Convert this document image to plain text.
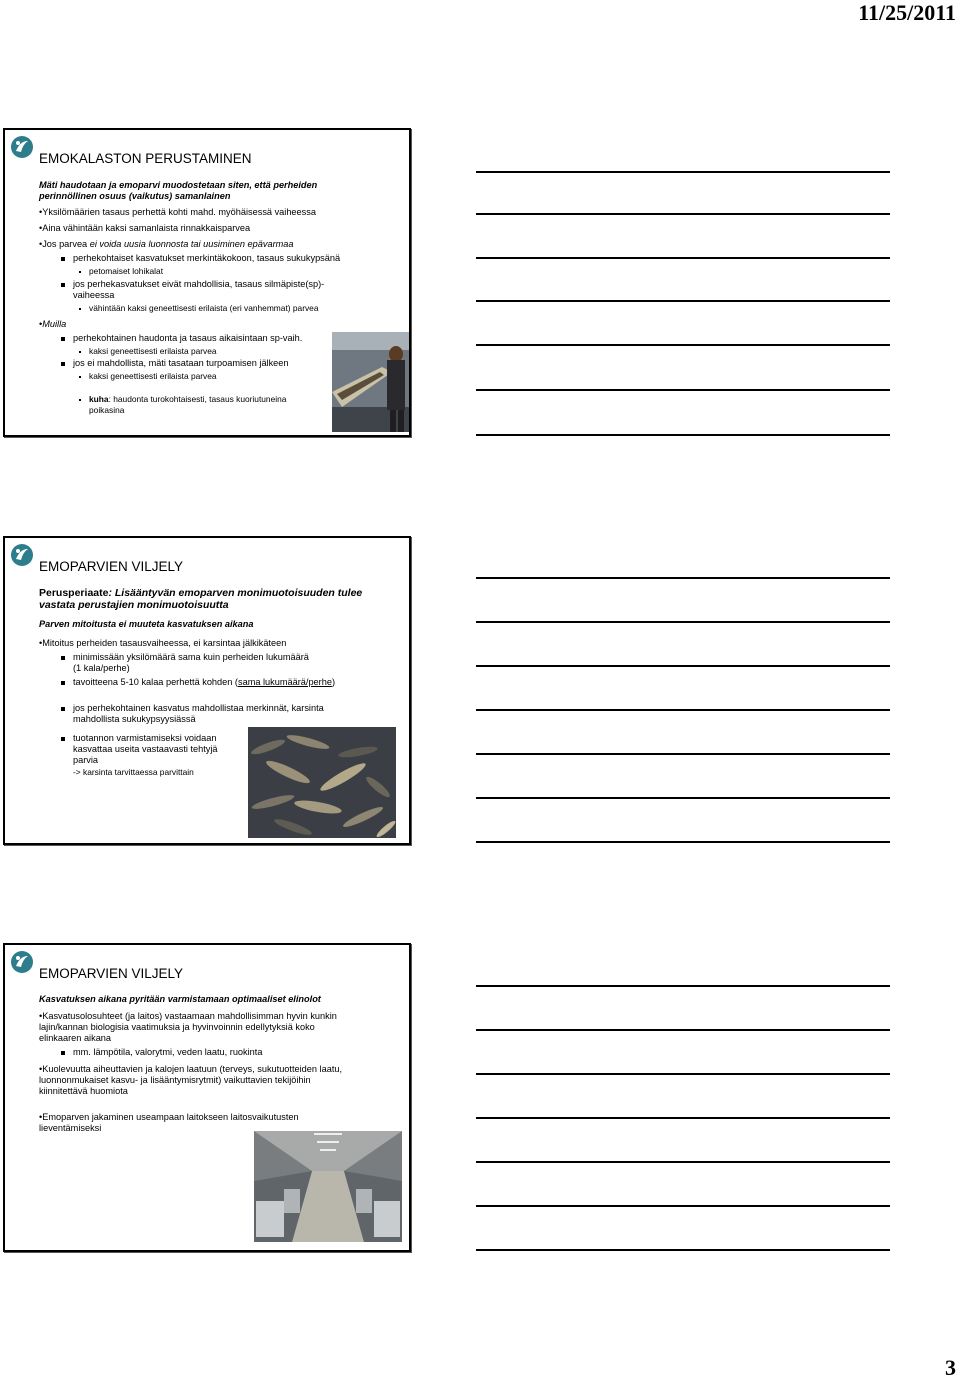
11/25/2011
EMOKALASTON PERUSTAMINEN
Mäti haudotaan ja emoparvi muodostetaan siten, että perheiden
perinnöllinen osuus (vaikutus) samanlainen
•Yksilömäärien tasaus perhettä kohti mahd. myöhäisessä vaiheessa
•Aina vähintään kaksi samanlaista rinnakkaisparvea
•Jos parvea ei voida uusia luonnosta tai uusiminen epävarmaa
perhekohtaiset kasvatukset merkintäkokoon, tasaus sukukypsänä
petomaiset lohikalat
jos perhekasvatukset eivät mahdollisia, tasaus silmäpiste(sp)-
vaiheessa
vähintään kaksi geneettisesti erilaista (eri vanhemmat) parvea
•Muilla
perhekohtainen haudonta ja tasaus aikaisintaan sp-vaih.
kaksi geneettisesti erilaista parvea
jos ei mahdollista, mäti tasataan turpoamisen jälkeen
kaksi geneettisesti erilaista parvea
kuha: haudonta turokohtaisesti, tasaus kuoriutuneina
poikasina
EMOPARVIEN VILJELY
Perusperiaate: Lisääntyvän emoparven monimuotoisuuden tulee
vastata perustajien monimuotoisuutta
Parven mitoitusta ei muuteta kasvatuksen aikana
•Mitoitus perheiden tasausvaiheessa, ei karsintaa jälkikäteen
minimissään yksilömäärä sama kuin perheiden lukumäärä
(1 kala/perhe)
tavoitteena 5-10 kalaa perhettä kohden (sama lukumäärä/perhe)
jos perhekohtainen kasvatus mahdollistaa merkinnät, karsinta
mahdollista sukukypsyysiässä
tuotannon varmistamiseksi voidaan
kasvattaa useita vastaavasti tehtyjä
parvia
-> karsinta tarvittaessa parvittain
EMOPARVIEN VILJELY
Kasvatuksen aikana pyritään varmistamaan optimaaliset elinolot
•Kasvatusolosuhteet (ja laitos) vastaamaan mahdollisimman hyvin kunkin
lajin/kannan biologisia vaatimuksia ja hyvinvoinnin edellytyksiä koko
elinkaaren aikana
mm. lämpötila, valorytmi, veden laatu, ruokinta
•Kuolevuutta aiheuttavien ja kalojen laatuun (terveys, sukutuotteiden laatu,
luonnonmukaiset kasvu- ja lisääntymisrytmit) vaikuttavien tekijöihin
kiinnitettävä huomiota
•Emoparven jakaminen useampaan laitokseen laitosvaikutusten
lieventämiseksi
3
